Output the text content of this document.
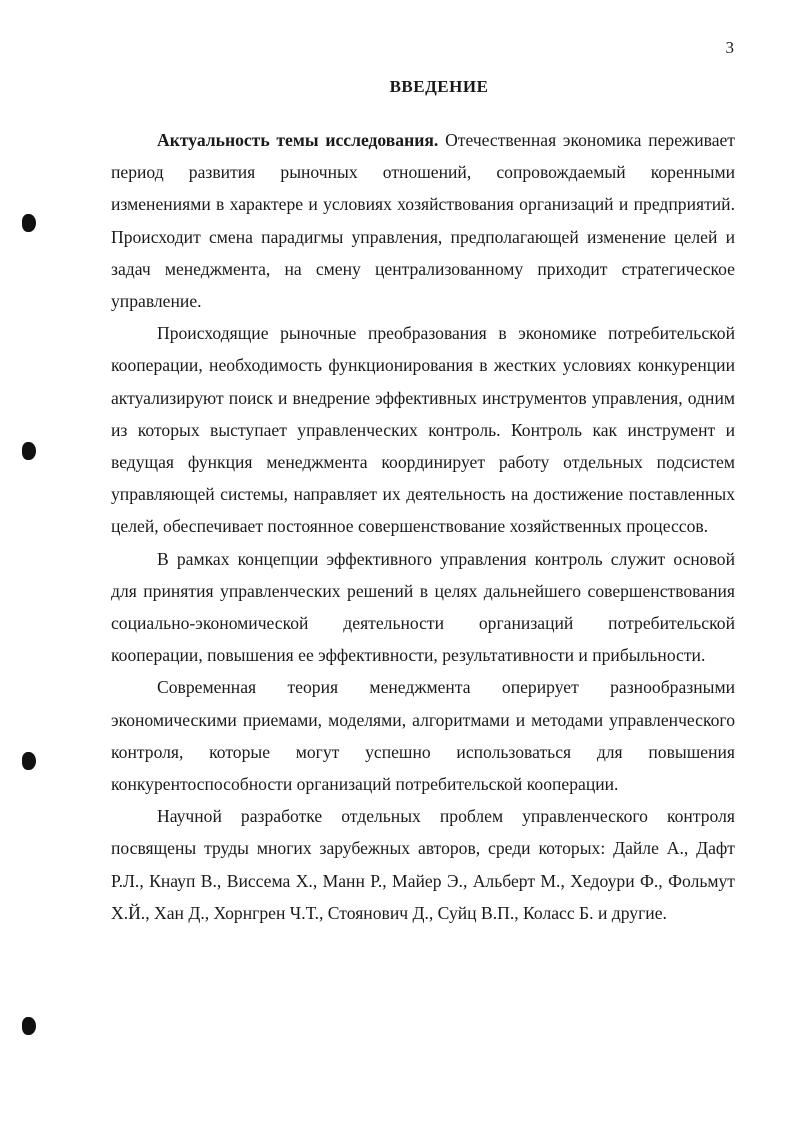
3
ВВЕДЕНИЕ

Актуальность темы исследования. Отечественная экономика переживает период развития рыночных отношений, сопровождаемый коренными изменениями в характере и условиях хозяйствования организаций и предприятий. Происходит смена парадигмы управления, предполагающей изменение целей и задач менеджмента, на смену централизованному приходит стратегическое управление.

Происходящие рыночные преобразования в экономике потребительской кооперации, необходимость функционирования в жестких условиях конкуренции актуализируют поиск и внедрение эффективных инструментов управления, одним из которых выступает управленческих контроль. Контроль как инструмент и ведущая функция менеджмента координирует работу отдельных подсистем управляющей системы, направляет их деятельность на достижение поставленных целей, обеспечивает постоянное совершенствование хозяйственных процессов.

В рамках концепции эффективного управления контроль служит основой для принятия управленческих решений в целях дальнейшего совершенствования социально-экономической деятельности организаций потребительской кооперации, повышения ее эффективности, результативности и прибыльности.

Современная теория менеджмента оперирует разнообразными экономическими приемами, моделями, алгоритмами и методами управленческого контроля, которые могут успешно использоваться для повышения конкурентоспособности организаций потребительской кооперации.

Научной разработке отдельных проблем управленческого контроля посвящены труды многих зарубежных авторов, среди которых: Дайле А., Дафт Р.Л., Кнауп В., Виссема Х., Манн Р., Майер Э., Альберт М., Хедоури Ф., Фольмут Х.Й., Хан Д., Хорнгрен Ч.Т., Стоянович Д., Суйц В.П., Коласс Б. и другие.
